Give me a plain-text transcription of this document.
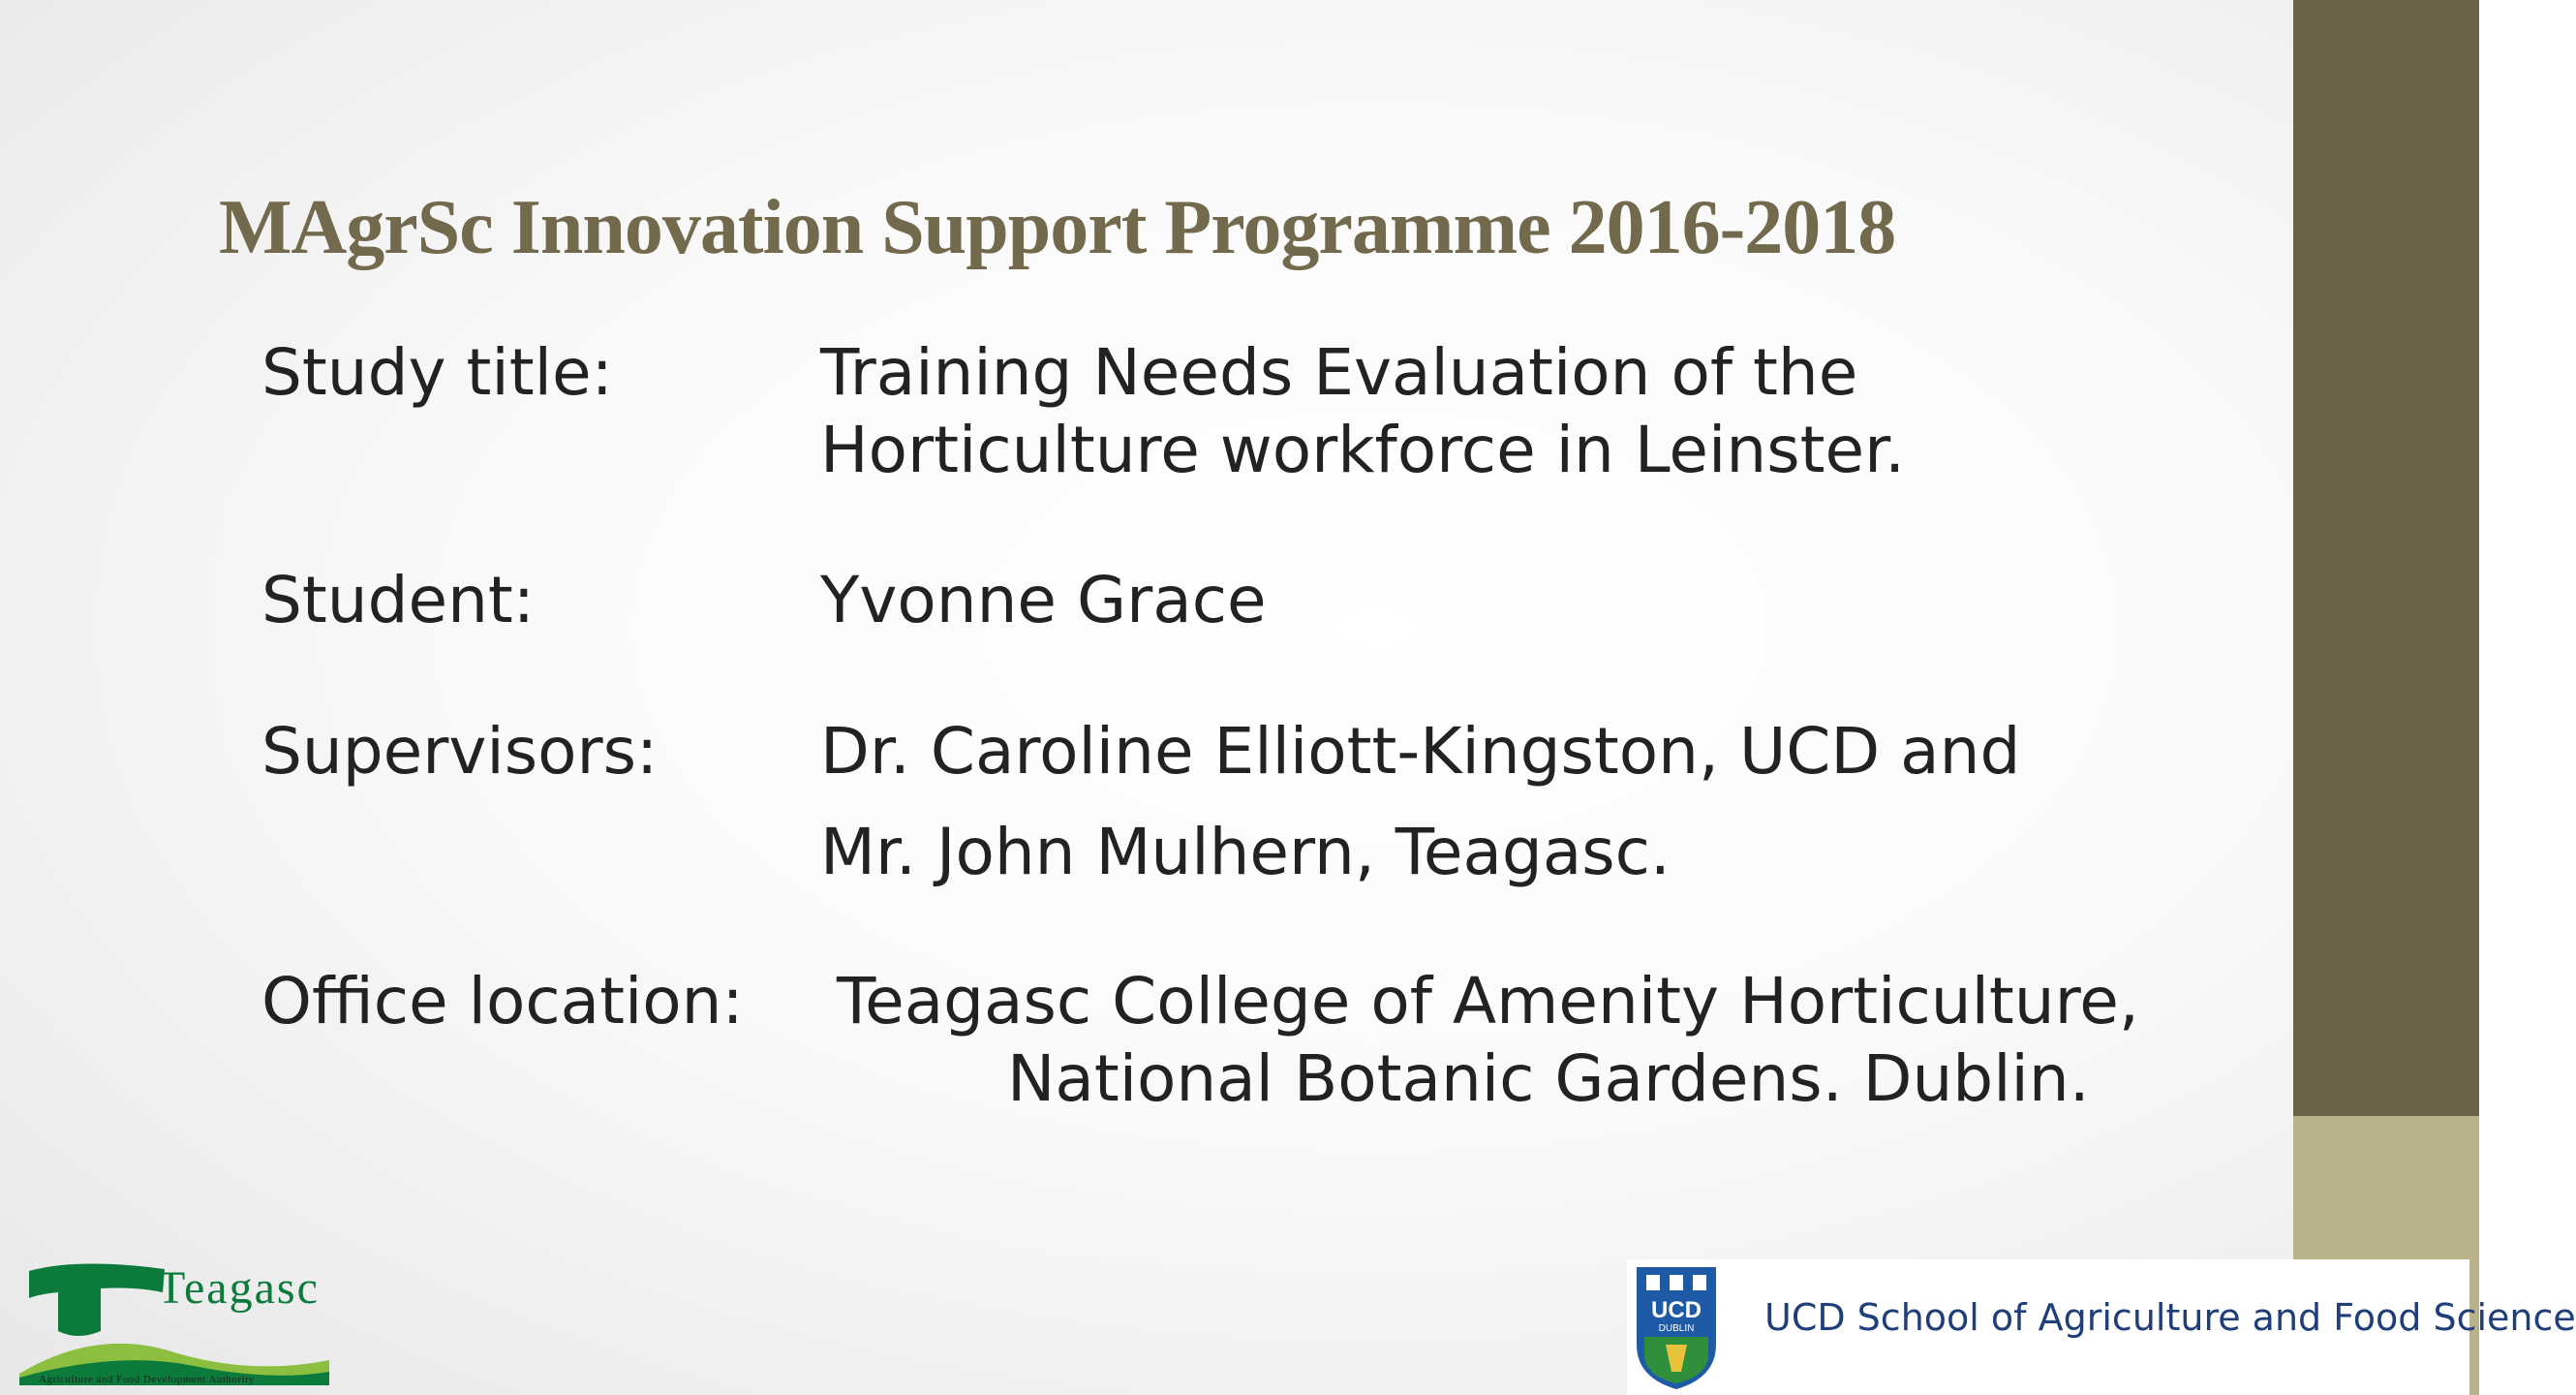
MAgrSc Innovation Support Programme 2016-2018
Study title:	Training Needs Evaluation of the
Horticulture workforce in Leinster.
Student:	Yvonne Grace
Supervisors:	Dr. Caroline Elliott-Kingston, UCD and
Mr. John Mulhern, Teagasc.
Office location: Teagasc College of Amenity Horticulture,
National Botanic Gardens. Dublin.
Teagasc
Agriculture and Food Development Authority
UCD
DUBLIN UCD School of Agriculture and Food Science
